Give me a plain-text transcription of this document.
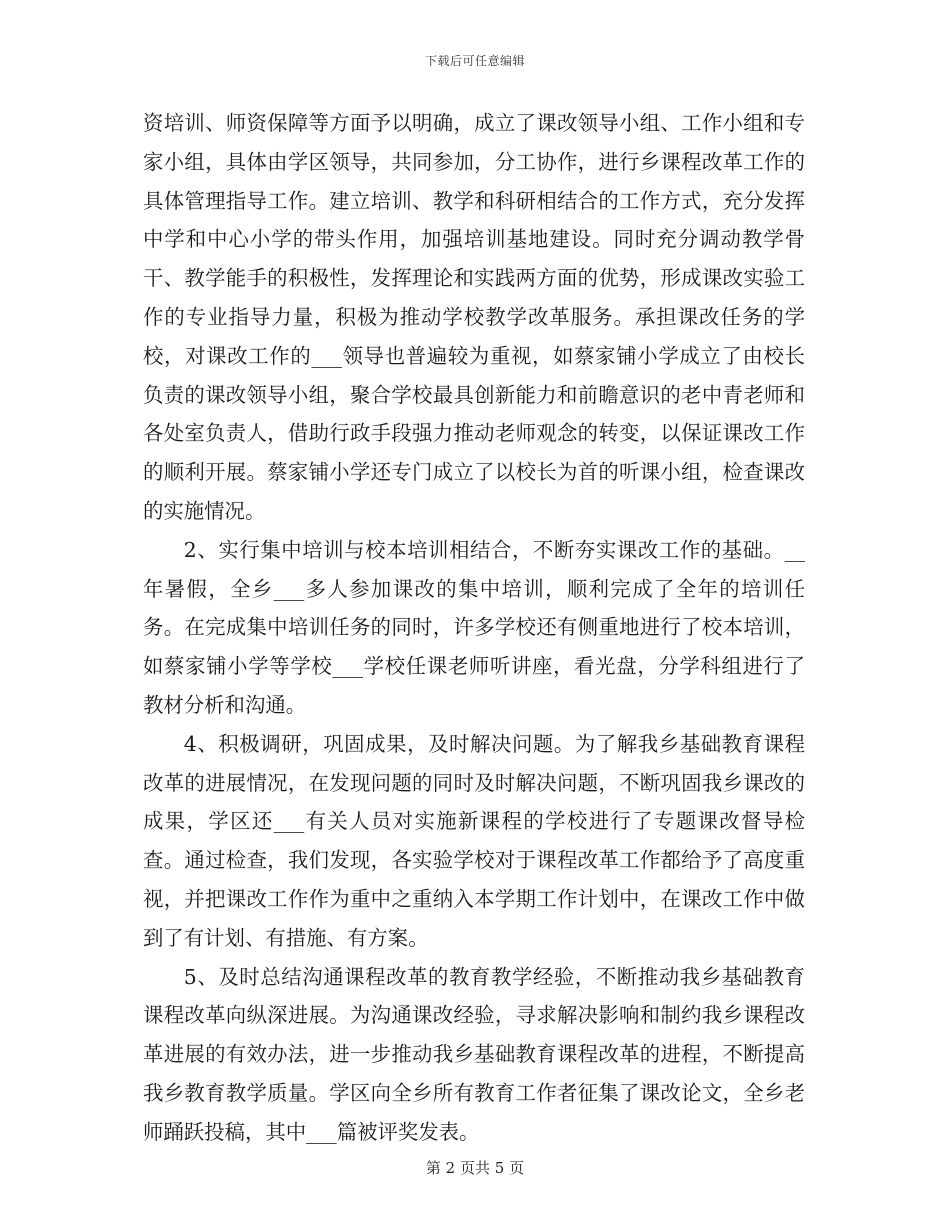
下载后可任意编辑

资培训、师资保障等方面予以明确，成立了课改领导小组、工作小组和专家小组，具体由学区领导，共同参加，分工协作，进行乡课程改革工作的具体管理指导工作。建立培训、教学和科研相结合的工作方式，充分发挥中学和中心小学的带头作用，加强培训基地建设。同时充分调动教学骨干、教学能手的积极性，发挥理论和实践两方面的优势，形成课改实验工作的专业指导力量，积极为推动学校教学改革服务。承担课改任务的学校，对课改工作的___领导也普遍较为重视，如蔡家铺小学成立了由校长负责的课改领导小组，聚合学校最具创新能力和前瞻意识的老中青老师和各处室负责人，借助行政手段强力推动老师观念的转变，以保证课改工作的顺利开展。蔡家铺小学还专门成立了以校长为首的听课小组，检查课改的实施情况。

2、实行集中培训与校本培训相结合，不断夯实课改工作的基础。__年暑假，全乡___多人参加课改的集中培训，顺利完成了全年的培训任务。在完成集中培训任务的同时，许多学校还有侧重地进行了校本培训，如蔡家铺小学等学校___学校任课老师听讲座，看光盘，分学科组进行了教材分析和沟通。

4、积极调研，巩固成果，及时解决问题。为了解我乡基础教育课程改革的进展情况，在发现问题的同时及时解决问题，不断巩固我乡课改的成果，学区还___有关人员对实施新课程的学校进行了专题课改督导检查。通过检查，我们发现，各实验学校对于课程改革工作都给予了高度重视，并把课改工作作为重中之重纳入本学期工作计划中，在课改工作中做到了有计划、有措施、有方案。

5、及时总结沟通课程改革的教育教学经验，不断推动我乡基础教育课程改革向纵深进展。为沟通课改经验，寻求解决影响和制约我乡课程改革进展的有效办法，进一步推动我乡基础教育课程改革的进程，不断提高我乡教育教学质量。学区向全乡所有教育工作者征集了课改论文，全乡老师踊跃投稿，其中___篇被评奖发表。

第 2 页共 5 页
